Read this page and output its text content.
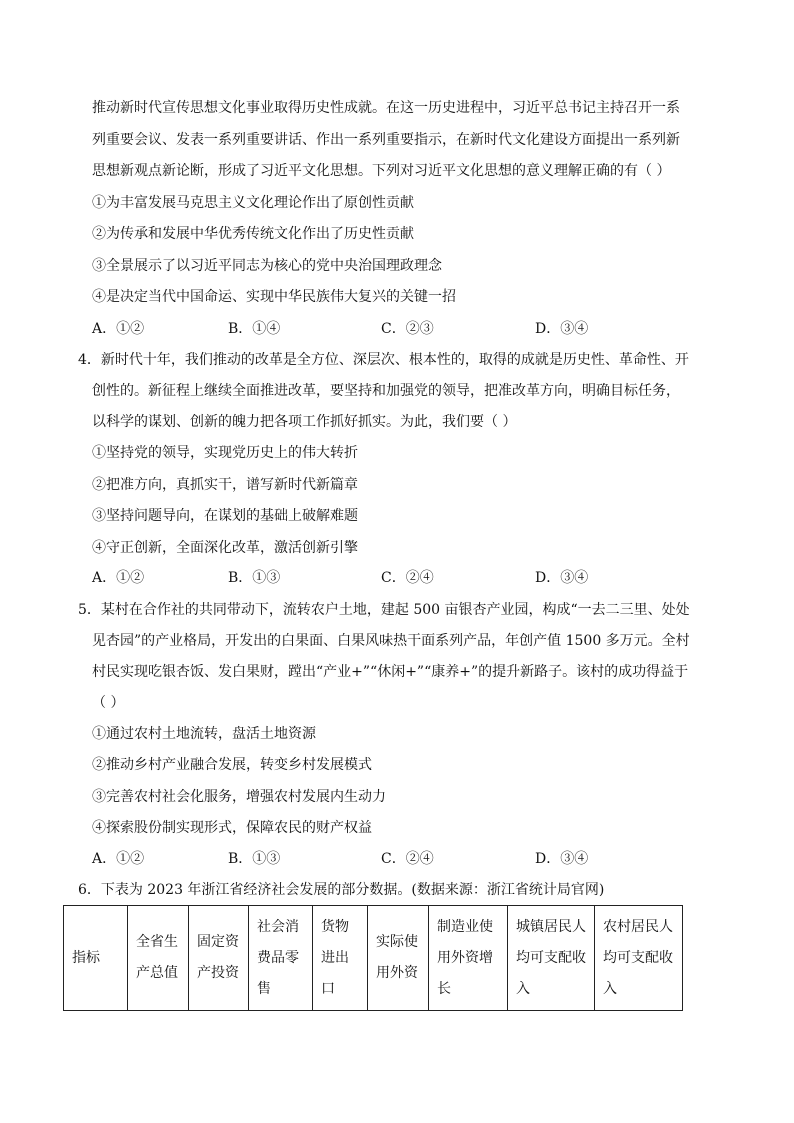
推动新时代宣传思想文化事业取得历史性成就。在这一历史进程中，习近平总书记主持召开一系
列重要会议、发表一系列重要讲话、作出一系列重要指示，在新时代文化建设方面提出一系列新
思想新观点新论断，形成了习近平文化思想。下列对习近平文化思想的意义理解正确的有（ ）
①为丰富发展马克思主义文化理论作出了原创性贡献
②为传承和发展中华优秀传统文化作出了历史性贡献
③全景展示了以习近平同志为核心的党中央治国理政理念
④是决定当代中国命运、实现中华民族伟大复兴的关键一招
A．①②	B．①④	C．②③	D．③④
4．新时代十年，我们推动的改革是全方位、深层次、根本性的，取得的成就是历史性、革命性、开
创性的。新征程上继续全面推进改革，要坚持和加强党的领导，把准改革方向，明确目标任务，
以科学的谋划、创新的魄力把各项工作抓好抓实。为此，我们要（ ）
①坚持党的领导，实现党历史上的伟大转折
②把准方向，真抓实干，谱写新时代新篇章
③坚持问题导向，在谋划的基础上破解难题
④守正创新，全面深化改革，激活创新引擎
A．①②	B．①③	C．②④	D．③④
5．某村在合作社的共同带动下，流转农户土地，建起 500 亩银杏产业园，构成“一去二三里、处处
见杏园”的产业格局，开发出的白果面、白果风味热干面系列产品，年创产值 1500 多万元。全村
村民实现吃银杏饭、发白果财，蹚出“产业+”“休闲+”“康养+”的提升新路子。该村的成功得益于
（ ）
①通过农村土地流转，盘活土地资源
②推动乡村产业融合发展，转变乡村发展模式
③完善农村社会化服务，增强农村发展内生动力
④探索股份制实现形式，保障农民的财产权益
A．①②	B．①③	C．②④	D．③④
6．下表为 2023 年浙江省经济社会发展的部分数据。(数据来源：浙江省统计局官网)
指标	全省生产总值	固定资产投资	社会消费品零售	货物进出口	实际使用外资	制造业使用外资增长	城镇居民人均可支配收入	农村居民人均可支配收入
